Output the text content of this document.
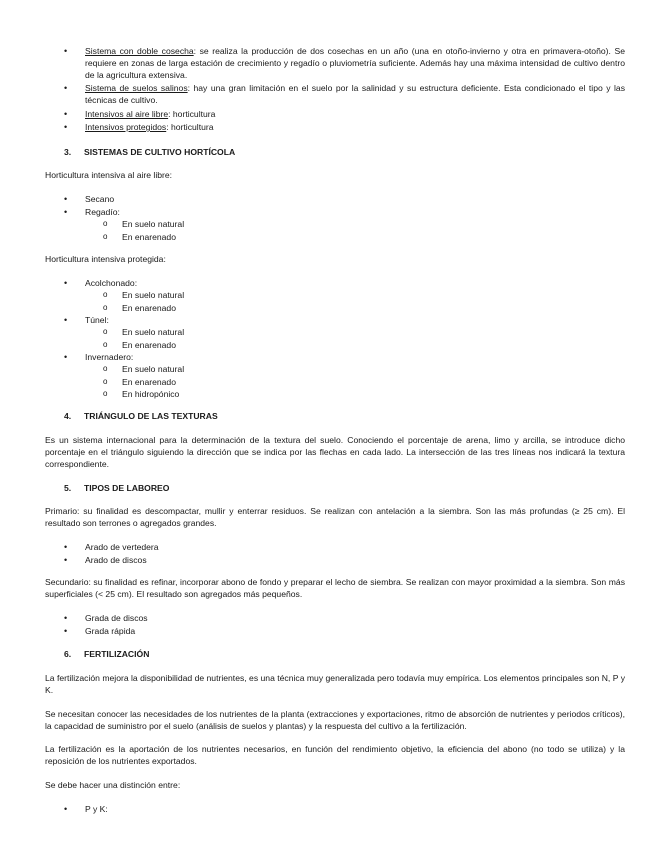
• Sistema con doble cosecha: se realiza la producción de dos cosechas en un año (una en otoño-invierno y otra en primavera-otoño). Se requiere en zonas de larga estación de crecimiento y regadío o pluviometría suficiente. Además hay una máxima intensidad de cultivo dentro de la agricultura extensiva.

• Sistema de suelos salinos: hay una gran limitación en el suelo por la salinidad y su estructura deficiente. Esta condicionado el tipo y las técnicas de cultivo.

• Intensivos al aire libre: horticultura

• Intensivos protegidos: horticultura

3. SISTEMAS DE CULTIVO HORTÍCOLA

Horticultura intensiva al aire libre:

• Secano

• Regadío:

o En suelo natural

o En enarenado

Horticultura intensiva protegida:

• Acolchonado:

o En suelo natural

o En enarenado

• Túnel:

o En suelo natural

o En enarenado

• Invernadero:

o En suelo natural

o En enarenado

o En hidropónico

4. TRIÁNGULO DE LAS TEXTURAS

Es un sistema internacional para la determinación de la textura del suelo. Conociendo el porcentaje de arena, limo y arcilla, se introduce dicho porcentaje en el triángulo siguiendo la dirección que se indica por las flechas en cada lado. La intersección de las tres líneas nos indicará la textura correspondiente.

5. TIPOS DE LABOREO

Primario: su finalidad es descompactar, mullir y enterrar residuos. Se realizan con antelación a la siembra. Son las más profundas (≥ 25 cm). El resultado son terrones o agregados grandes.

• Arado de vertedera

• Arado de discos

Secundario: su finalidad es refinar, incorporar abono de fondo y preparar el lecho de siembra. Se realizan con mayor proximidad a la siembra. Son más superficiales (< 25 cm). El resultado son agregados más pequeños.

• Grada de discos

• Grada rápida

6. FERTILIZACIÓN

La fertilización mejora la disponibilidad de nutrientes, es una técnica muy generalizada pero todavía muy empírica. Los elementos principales son N, P y K.

Se necesitan conocer las necesidades de los nutrientes de la planta (extracciones y exportaciones, ritmo de absorción de nutrientes y periodos críticos), la capacidad de suministro por el suelo (análisis de suelos y plantas) y la respuesta del cultivo a la fertilización.

La fertilización es la aportación de los nutrientes necesarios, en función del rendimiento objetivo, la eficiencia del abono (no todo se utiliza) y la reposición de los nutrientes exportados.

Se debe hacer una distinción entre:

• P y K:
